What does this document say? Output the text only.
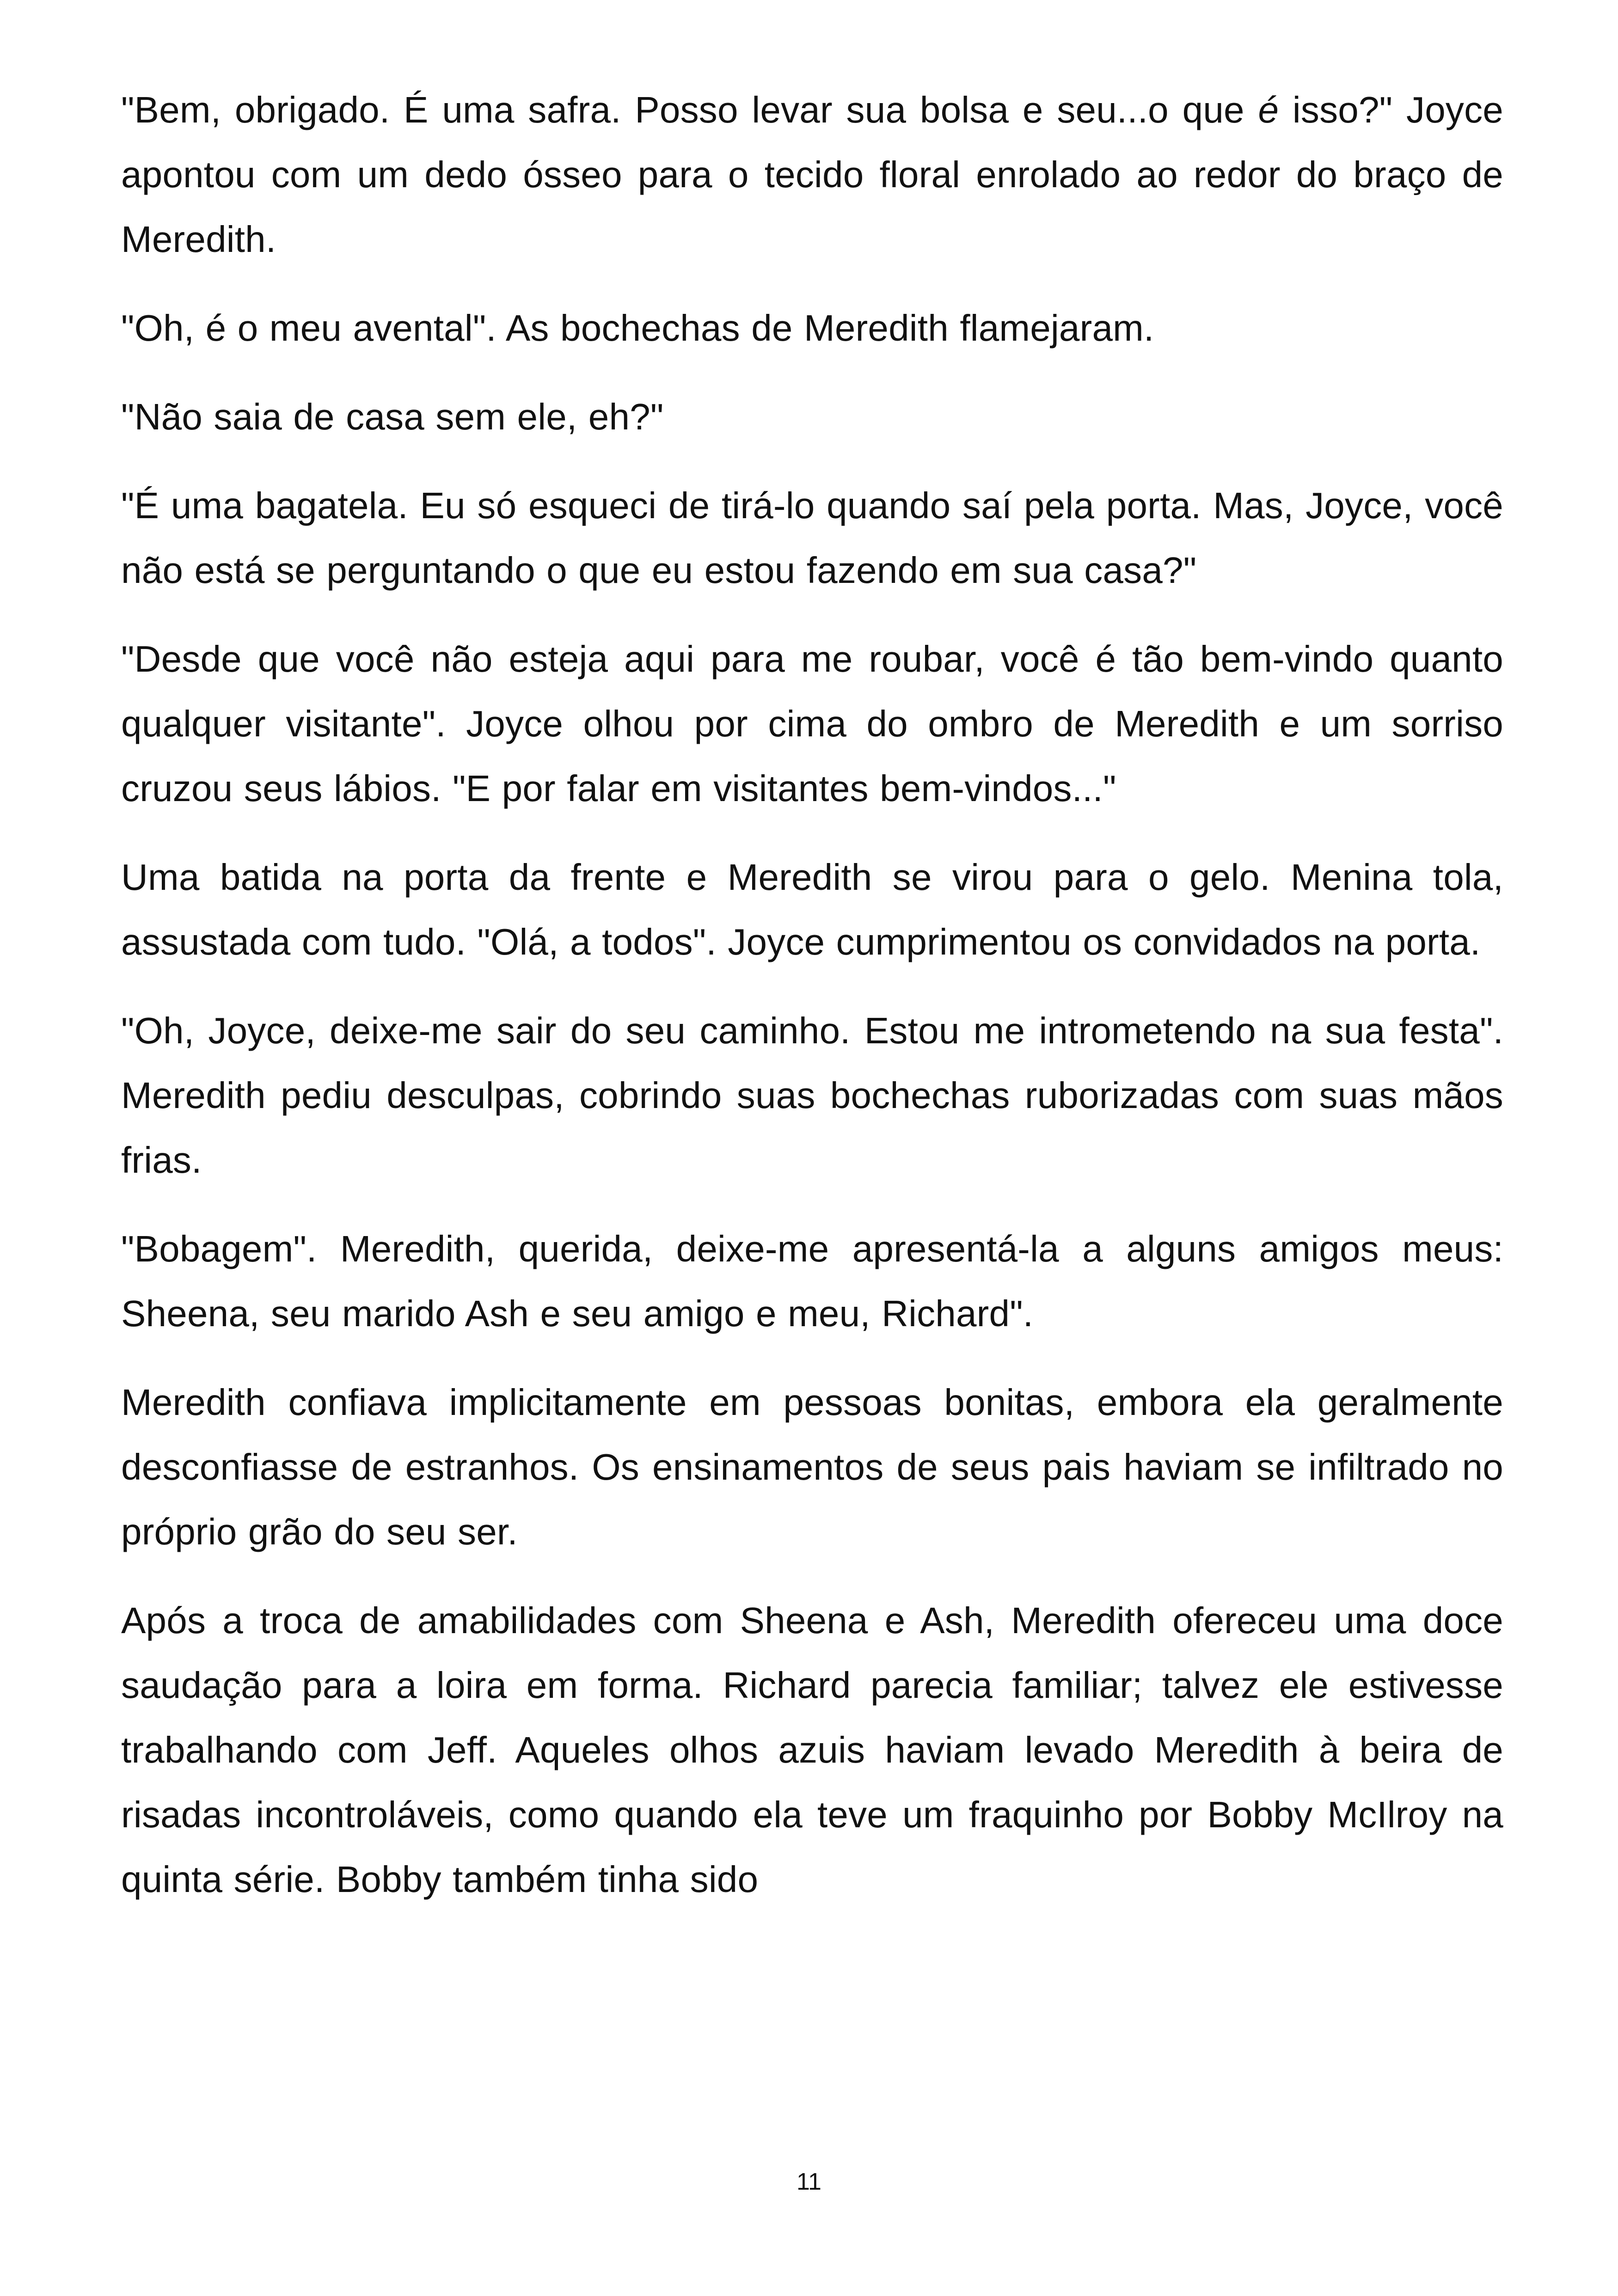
"Bem, obrigado. É uma safra. Posso levar sua bolsa e seu...o que é isso?" Joyce apontou com um dedo ósseo para o tecido floral enrolado ao redor do braço de Meredith.

"Oh, é o meu avental". As bochechas de Meredith flamejaram.

"Não saia de casa sem ele, eh?"

"É uma bagatela. Eu só esqueci de tirá-lo quando saí pela porta. Mas, Joyce, você não está se perguntando o que eu estou fazendo em sua casa?"

"Desde que você não esteja aqui para me roubar, você é tão bem-vindo quanto qualquer visitante". Joyce olhou por cima do ombro de Meredith e um sorriso cruzou seus lábios. "E por falar em visitantes bem-vindos..."

Uma batida na porta da frente e Meredith se virou para o gelo. Menina tola, assustada com tudo. "Olá, a todos". Joyce cumprimentou os convidados na porta.

"Oh, Joyce, deixe-me sair do seu caminho. Estou me intrometendo na sua festa". Meredith pediu desculpas, cobrindo suas bochechas ruborizadas com suas mãos frias.

"Bobagem". Meredith, querida, deixe-me apresentá-la a alguns amigos meus: Sheena, seu marido Ash e seu amigo e meu, Richard".

Meredith confiava implicitamente em pessoas bonitas, embora ela geralmente desconfiasse de estranhos. Os ensinamentos de seus pais haviam se infiltrado no próprio grão do seu ser.

Após a troca de amabilidades com Sheena e Ash, Meredith ofereceu uma doce saudação para a loira em forma. Richard parecia familiar; talvez ele estivesse trabalhando com Jeff. Aqueles olhos azuis haviam levado Meredith à beira de risadas incontroláveis, como quando ela teve um fraquinho por Bobby McIlroy na quinta série. Bobby também tinha sido

11
